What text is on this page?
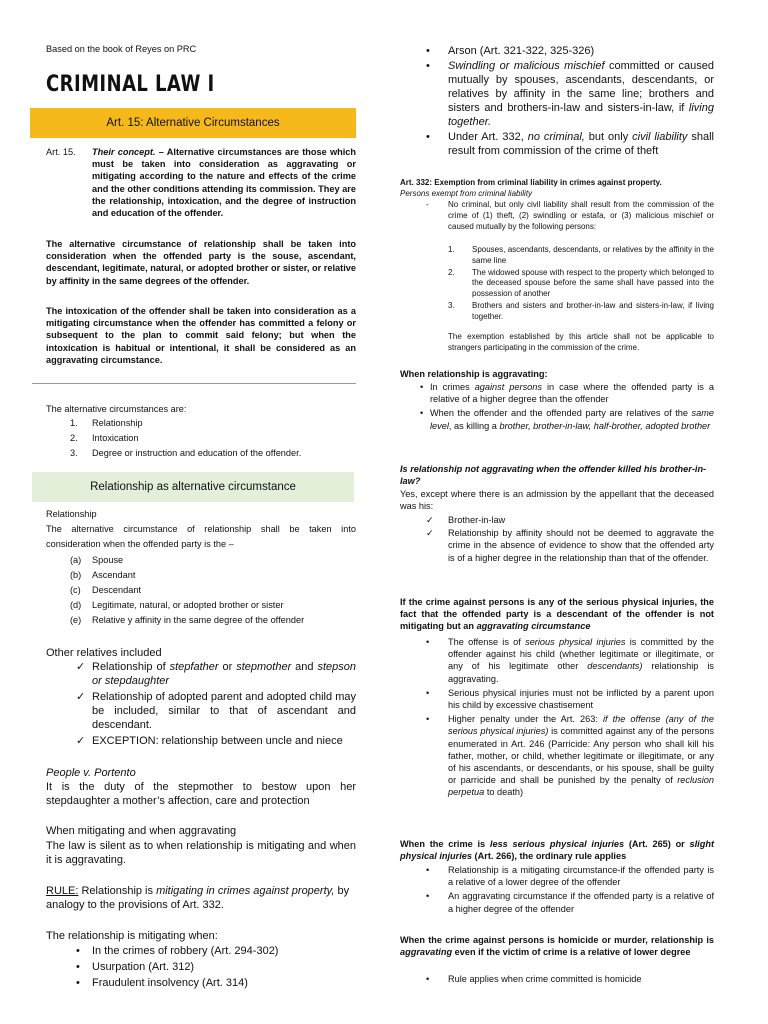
Based on the book of Reyes on PRC
CRIMINAL LAW I
Art. 15: Alternative Circumstances
Art. 15. Their concept. – Alternative circumstances are those which must be taken into consideration as aggravating or mitigating according to the nature and effects of the crime and the other conditions attending its commission. They are the relationship, intoxication, and the degree of instruction and education of the offender.
The alternative circumstance of relationship shall be taken into consideration when the offended party is the souse, ascendant, descendant, legitimate, natural, or adopted brother or sister, or relative by affinity in the same degrees of the offender.
The intoxication of the offender shall be taken into consideration as a mitigating circumstance when the offender has committed a felony or subsequent to the plan to commit said felony; but when the intoxication is habitual or intentional, it shall be considered as an aggravating circumstance.
The alternative circumstances are:
1. Relationship
2. Intoxication
3. Degree or instruction and education of the offender.
Relationship as alternative circumstance
Relationship
The alternative circumstance of relationship shall be taken into consideration when the offended party is the –
(a) Spouse
(b) Ascendant
(c) Descendant
(d) Legitimate, natural, or adopted brother or sister
(e) Relative y affinity in the same degree of the offender
Other relatives included
✓
Relationship of stepfather or stepmother and stepson or stepdaughter
✓
Relationship of adopted parent and adopted child may be included, similar to that of ascendant and descendant.
✓
EXCEPTION: relationship between uncle and niece
People v. Portento
It is the duty of the stepmother to bestow upon her stepdaughter a mother’s affection, care and protection
When mitigating and when aggravating
The law is silent as to when relationship is mitigating and when it is aggravating.
RULE: Relationship is mitigating in crimes against property, by analogy to the provisions of Art. 332.
The relationship is mitigating when:
•
In the crimes of robbery (Art. 294-302)
•
Usurpation (Art. 312)
•
Fraudulent insolvency (Art. 314)
•
Arson (Art. 321-322, 325-326)
•
Swindling or malicious mischief committed or caused mutually by spouses, ascendants, descendants, or relatives by affinity in the same line; brothers and sisters and brothers-in-law and sisters-in-law, if living together.
•
Under Art. 332, no criminal, but only civil liability shall result from commission of the crime of theft
Art. 332: Exemption from criminal liability in crimes against property.
Persons exempt from criminal liability
- No criminal, but only civil liability shall result from the commission of the crime of (1) theft, (2) swindling or estafa, or (3) malicious mischief or caused mutually by the following persons:
1. Spouses, ascendants, descendants, or relatives by the affinity in the same line
2. The widowed spouse with respect to the property which belonged to the deceased spouse before the same shall have passed into the possession of another
3. Brothers and sisters and brother-in-law and sisters-in-law, if living together.
The exemption established by this article shall not be applicable to strangers participating in the commission of the crime.
When relationship is aggravating:
•
In crimes against persons in case where the offended party is a relative of a higher degree than the offender
•
When the offender and the offended party are relatives of the same level, as killing a brother, brother-in-law, half-brother, adopted brother
Is relationship not aggravating when the offender killed his brother-in-law?
Yes, except where there is an admission by the appellant that the deceased was his:
✓
Brother-in-law
✓
Relationship by affinity should not be deemed to aggravate the crime in the absence of evidence to show that the offended arty is of a higher degree in the relationship than that of the offender.
If the crime against persons is any of the serious physical injuries, the fact that the offended party is a descendant of the offender is not mitigating but an aggravating circumstance
•
The offense is of serious physical injuries is committed by the offender against his child (whether legitimate or illegitimate, or any of his legitimate other descendants) relationship is aggravating.
•
Serious physical injuries must not be inflicted by a parent upon his child by excessive chastisement
•
Higher penalty under the Art. 263: if the offense (any of the serious physical injuries) is committed against any of the persons enumerated in Art. 246 (Parricide: Any person who shall kill his father, mother, or child, whether legitimate or illegitimate, or any of his ascendants, or descendants, or his spouse, shall be guilty or parricide and shall be punished by the penalty of reclusion perpetua to death)
When the crime is less serious physical injuries (Art. 265) or slight physical injuries (Art. 266), the ordinary rule applies
•
Relationship is a mitigating circumstance-if the offended party is a relative of a lower degree of the offender
•
An aggravating circumstance if the offended party is a relative of a higher degree of the offender
When the crime against persons is homicide or murder, relationship is aggravating even if the victim of crime is a relative of lower degree
•
Rule applies when crime committed is homicide
